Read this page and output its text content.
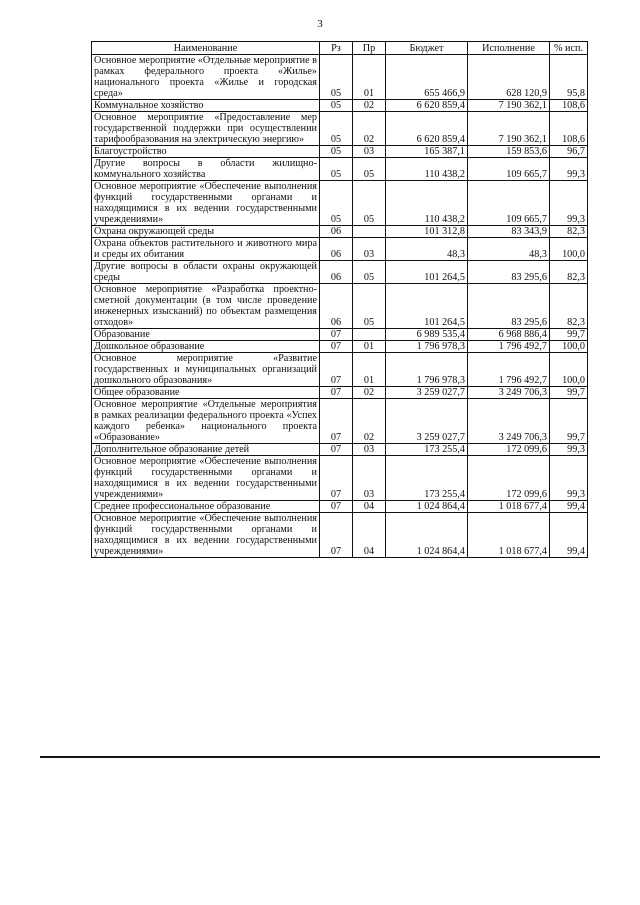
3
Наименование	Рз	Пр	Бюджет	Исполнение	% исп.
Основное мероприятие «Отдельные мероприятие в рамках федерального проекта «Жилье» национального проекта «Жилье и городская среда»	05	01	655 466,9	628 120,9	95,8
Коммунальное хозяйство	05	02	6 620 859,4	7 190 362,1	108,6
Основное мероприятие «Предоставление мер государственной поддержки при осуществлении тарифообразования на электрическую энергию»	05	02	6 620 859,4	7 190 362,1	108,6
Благоустройство	05	03	165 387,1	159 853,6	96,7
Другие вопросы в области жилищно-коммунального хозяйства	05	05	110 438,2	109 665,7	99,3
Основное мероприятие «Обеспечение выполнения функций государственными органами и находящимися в их ведении государственными учреждениями»	05	05	110 438,2	109 665,7	99,3
Охрана окружающей среды	06		101 312,8	83 343,9	82,3
Охрана объектов растительного и животного мира и среды их обитания	06	03	48,3	48,3	100,0
Другие вопросы в области охраны окружающей среды	06	05	101 264,5	83 295,6	82,3
Основное мероприятие «Разработка проектно-сметной документации (в том числе проведение инженерных изысканий) по объектам размещения отходов»	06	05	101 264,5	83 295,6	82,3
Образование	07		6 989 535,4	6 968 886,4	99,7
Дошкольное образование	07	01	1 796 978,3	1 796 492,7	100,0
Основное мероприятие «Развитие государственных и муниципальных организаций дошкольного образования»	07	01	1 796 978,3	1 796 492,7	100,0
Общее образование	07	02	3 259 027,7	3 249 706,3	99,7
Основное мероприятие «Отдельные мероприятия в рамках реализации федерального проекта «Успех каждого ребенка» национального проекта «Образование»	07	02	3 259 027,7	3 249 706,3	99,7
Дополнительное образование детей	07	03	173 255,4	172 099,6	99,3
Основное мероприятие «Обеспечение выполнения функций государственными органами и находящимися в их ведении государственными учреждениями»	07	03	173 255,4	172 099,6	99,3
Среднее профессиональное образование	07	04	1 024 864,4	1 018 677,4	99,4
Основное мероприятие «Обеспечение выполнения функций государственными органами и находящимися в их ведении государственными учреждениями»	07	04	1 024 864,4	1 018 677,4	99,4
